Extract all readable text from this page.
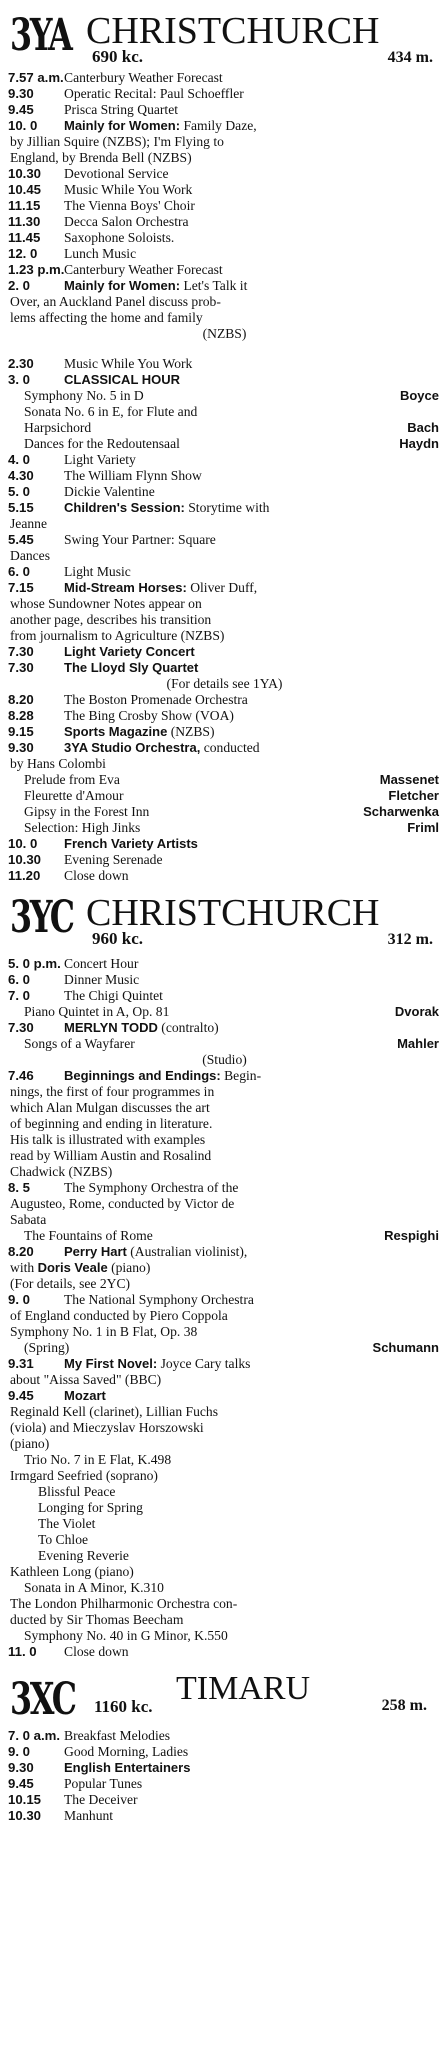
3YA CHRISTCHURCH
690 kc.	434 m.
7.57 a.m. Canterbury Weather Forecast
9.30	Operatic Recital: Paul Schoeffler
9.45	Prisca String Quartet
10. 0	Mainly for Women: Family Daze,
by Jillian Squire (NZBS); I'm Flying to
England, by Brenda Bell (NZBS)
10.30	Devotional Service
10.45	Music While You Work
11.15	The Vienna Boys' Choir
11.30	Decca Salon Orchestra
11.45	Saxophone Soloists.
12. 0	Lunch Music
1.23 p.m. Canterbury Weather Forecast
2. 0	Mainly for Women: Let's Talk it
Over, an Auckland Panel discuss prob-
lems affecting the home and family
(NZBS)
2.30	Music While You Work
3. 0	CLASSICAL HOUR
Symphony No. 5 in D	Boyce
Sonata No. 6 in E, for Flute and
Harpsichord	Bach
Dances for the Redoutensaal	Haydn
4. 0	Light Variety
4.30	The William Flynn Show
5. 0	Dickie Valentine
5.15	Children's Session: Storytime with
Jeanne
5.45	Swing Your Partner: Square
Dances
6. 0	Light Music
7.15	Mid-Stream Horses: Oliver Duff,
whose Sundowner Notes appear on
another page, describes his transition
from journalism to Agriculture (NZBS)
7.30	Light Variety Concert
7.30	The Lloyd Sly Quartet
(For details see 1YA)
8.20	The Boston Promenade Orchestra
8.28	The Bing Crosby Show (VOA)
9.15	Sports Magazine (NZBS)
9.30	3YA Studio Orchestra, conducted
by Hans Colombi
Prelude from Eva	Massenet
Fleurette d'Amour	Fletcher
Gipsy in the Forest Inn	Scharwenka
Selection: High Jinks	Friml
10. 0	French Variety Artists
10.30	Evening Serenade
11.20	Close down
3YC CHRISTCHURCH
960 kc.	312 m.
5. 0 p.m. Concert Hour
6. 0	Dinner Music
7. 0	The Chigi Quintet
Piano Quintet in A, Op. 81	Dvorak
7.30	MERLYN TODD (contralto)
Songs of a Wayfarer	Mahler
(Studio)
7.46	Beginnings and Endings: Begin-
nings, the first of four programmes in
which Alan Mulgan discusses the art
of beginning and ending in literature.
His talk is illustrated with examples
read by William Austin and Rosalind
Chadwick (NZBS)
8. 5	The Symphony Orchestra of the
Augusteo, Rome, conducted by Victor de
Sabata
The Fountains of Rome	Respighi
8.20	Perry Hart (Australian violinist),
with Doris Veale (piano)
(For details, see 2YC)
9. 0	The National Symphony Orchestra
of England conducted by Piero Coppola
Symphony No. 1 in B Flat, Op. 38
(Spring)	Schumann
9.31	My First Novel: Joyce Cary talks
about "Aissa Saved" (BBC)
9.45	Mozart
Reginald Kell (clarinet), Lillian Fuchs
(viola) and Mieczyslav Horszowski
(piano)
Trio No. 7 in E Flat, K.498
Irmgard Seefried (soprano)
Blissful Peace
Longing for Spring
The Violet
To Chloe
Evening Reverie
Kathleen Long (piano)
Sonata in A Minor, K.310
The London Philharmonic Orchestra con-
ducted by Sir Thomas Beecham
Symphony No. 40 in G Minor, K.550
11. 0	Close down
3XC	TIMARU
1160 kc.	258 m.
7. 0 a.m. Breakfast Melodies
9. 0	Good Morning, Ladies
9.30	English Entertainers
9.45	Popular Tunes
10.15	The Deceiver
10.30	Manhunt
